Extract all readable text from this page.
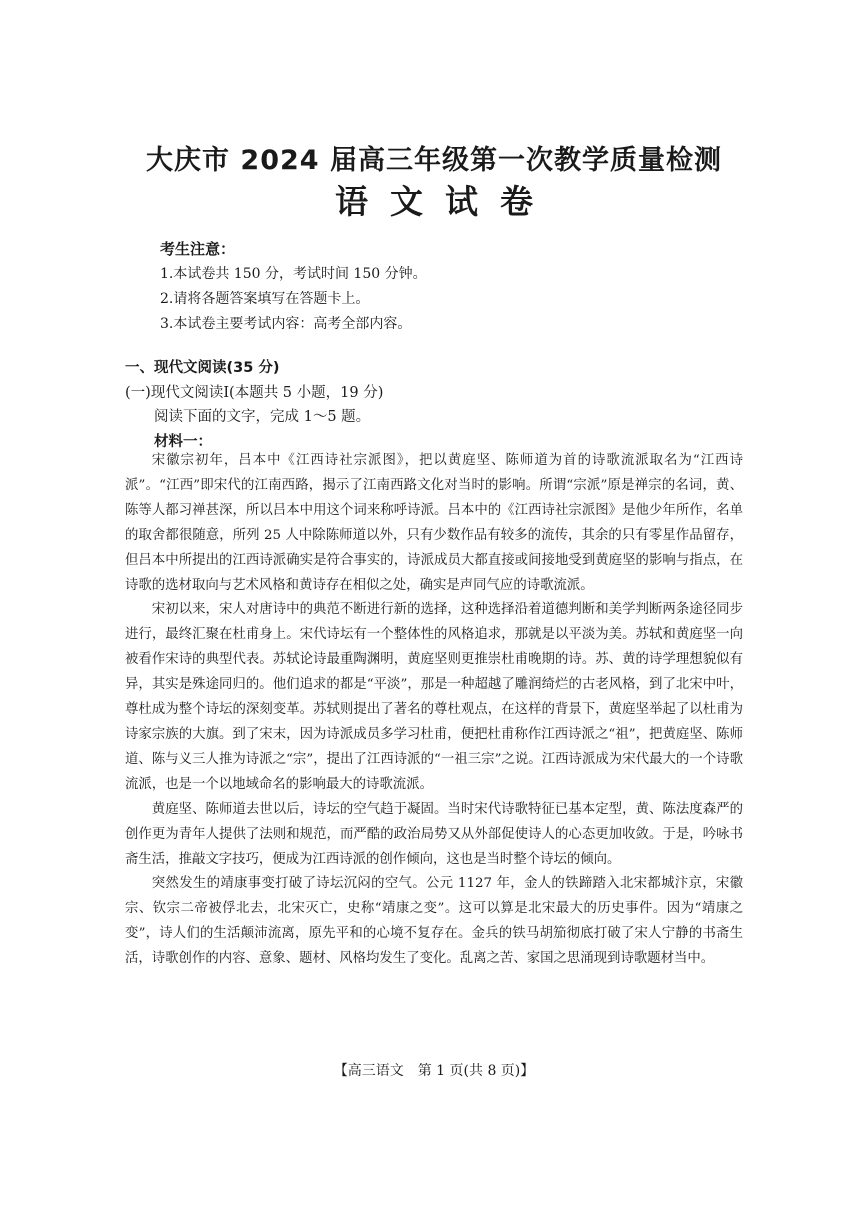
大庆市 2024 届高三年级第一次教学质量检测
语文试卷
考生注意：
1.本试卷共 150 分，考试时间 150 分钟。
2.请将各题答案填写在答题卡上。
3.本试卷主要考试内容：高考全部内容。
一、现代文阅读(35 分)
(一)现代文阅读Ⅰ(本题共 5 小题，19 分)
阅读下面的文字，完成 1～5 题。
材料一：

宋徽宗初年，吕本中《江西诗社宗派图》，把以黄庭坚、陈师道为首的诗歌流派取名为“江西诗派”。“江西”即宋代的江南西路，揭示了江南西路文化对当时的影响。所谓“宗派”原是禅宗的名词，黄、陈等人都习禅甚深，所以吕本中用这个词来称呼诗派。吕本中的《江西诗社宗派图》是他少年所作，名单的取舍都很随意，所列 25 人中除陈师道以外，只有少数作品有较多的流传，其余的只有零星作品留存，但吕本中所提出的江西诗派确实是符合事实的，诗派成员大都直接或间接地受到黄庭坚的影响与指点，在诗歌的选材取向与艺术风格和黄诗存在相似之处，确实是声同气应的诗歌流派。

宋初以来，宋人对唐诗中的典范不断进行新的选择，这种选择沿着道德判断和美学判断两条途径同步进行，最终汇聚在杜甫身上。宋代诗坛有一个整体性的风格追求，那就是以平淡为美。苏轼和黄庭坚一向被看作宋诗的典型代表。苏轼论诗最重陶渊明，黄庭坚则更推崇杜甫晚期的诗。苏、黄的诗学理想貌似有异，其实是殊途同归的。他们追求的都是“平淡”，那是一种超越了雕润绮烂的古老风格，到了北宋中叶，尊杜成为整个诗坛的深刻变革。苏轼则提出了著名的尊杜观点，在这样的背景下，黄庭坚举起了以杜甫为诗家宗族的大旗。到了宋末，因为诗派成员多学习杜甫，便把杜甫称作江西诗派之“祖”，把黄庭坚、陈师道、陈与义三人推为诗派之“宗”，提出了江西诗派的“一祖三宗”之说。江西诗派成为宋代最大的一个诗歌流派，也是一个以地域命名的影响最大的诗歌流派。

黄庭坚、陈师道去世以后，诗坛的空气趋于凝固。当时宋代诗歌特征已基本定型，黄、陈法度森严的创作更为青年人提供了法则和规范，而严酷的政治局势又从外部促使诗人的心态更加收敛。于是，吟咏书斋生活，推敲文字技巧，便成为江西诗派的创作倾向，这也是当时整个诗坛的倾向。

突然发生的靖康事变打破了诗坛沉闷的空气。公元 1127 年，金人的铁蹄踏入北宋都城汴京，宋徽宗、钦宗二帝被俘北去，北宋灭亡，史称“靖康之变”。这可以算是北宋最大的历史事件。因为“靖康之变”，诗人们的生活颠沛流离，原先平和的心境不复存在。金兵的铁马胡笳彻底打破了宋人宁静的书斋生活，诗歌创作的内容、意象、题材、风格均发生了变化。乱离之苦、家国之思涌现到诗歌题材当中。

【高三语文　第 1 页(共 8 页)】
